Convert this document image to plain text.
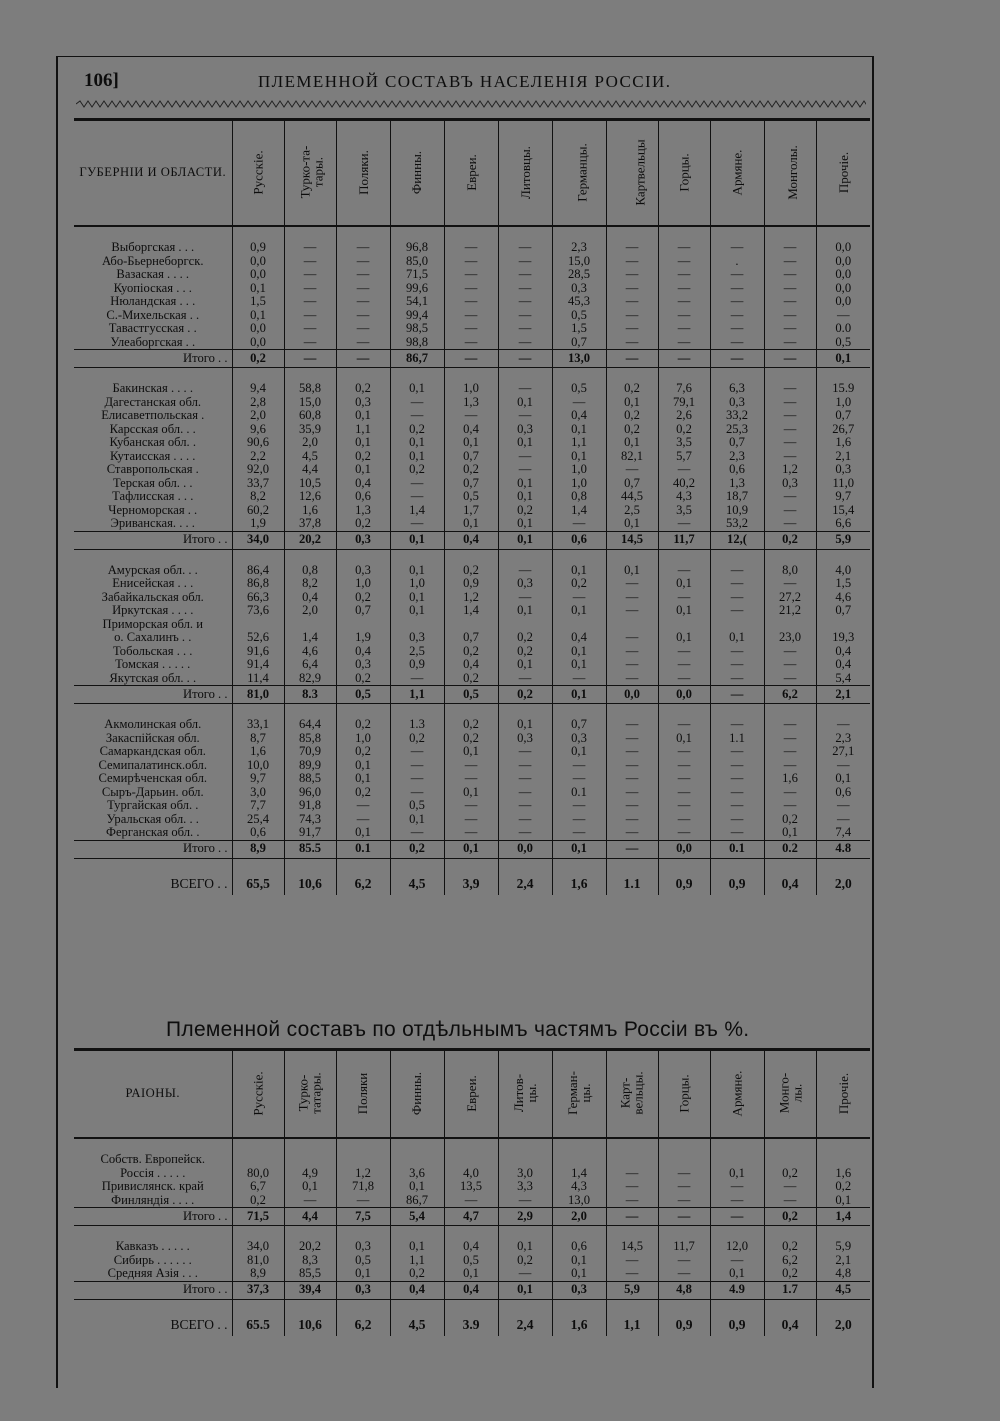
106]	ПЛЕМЕННОЙ СОСТАВЪ НАСЕЛЕНІЯ РОССІИ.
ГУБЕРНІИ И ОБЛАСТИ.	Русскіе.	Турко-та-
тары.	Поляки.	Финны.	Евреи.	Литовцы.	Германцы.	Картвельцы	Горцы.	Армяне.	Монголы.	Прочіе.

Выборгская . . .	0,9	—	—	96,8	—	—	2,3	—	—	—	—	0,0
Або-Бьернеборгск.	0,0	—	—	85,0	—	—	15,0	—	—	.	—	0,0
Вазаская . . . .	0,0	—	—	71,5	—	—	28,5	—	—	—	—	0,0
Куопіоская . . .	0,1	—	—	99,6	—	—	0,3	—	—	—	—	0,0
Нюландская . . .	1,5	—	—	54,1	—	—	45,3	—	—	—	—	0,0
С.-Михельская . .	0,1	—	—	99,4	—	—	0,5	—	—	—	—	—
Тавастгусская . .	0,0	—	—	98,5	—	—	1,5	—	—	—	—	0.0
Улеаборгская . .	0,0	—	—	98,8	—	—	0,7	—	—	—	—	0,5
Итого . .	0,2	—	—	86,7	—	—	13,0	—	—	—	—	0,1

Бакинская . . . .	9,4	58,8	0,2	0,1	1,0	—	0,5	0,2	7,6	6,3	—	15.9
Дагестанская обл.	2,8	15,0	0,3	—	1,3	0,1	—	0,1	79,1	0,3	—	1,0
Елисаветпольская .	2,0	60,8	0,1	—	—	—	0,4	0,2	2,6	33,2	—	0,7
Карсская обл. . .	9,6	35,9	1,1	0,2	0,4	0,3	0,1	0,2	0,2	25,3	—	26,7
Кубанская обл. .	90,6	2,0	0,1	0,1	0,1	0,1	1,1	0,1	3,5	0,7	—	1,6
Кутаисская . . . .	2,2	4,5	0,2	0,1	0,7	—	0,1	82,1	5,7	2,3	—	2,1
Ставропольская .	92,0	4,4	0,1	0,2	0,2	—	1,0	—	—	0,6	1,2	0,3
Терская обл. . .	33,7	10,5	0,4	—	0,7	0,1	1,0	0,7	40,2	1,3	0,3	11,0
Тафлисская . . .	8,2	12,6	0,6	—	0,5	0,1	0,8	44,5	4,3	18,7	—	9,7
Черноморская . .	60,2	1,6	1,3	1,4	1,7	0,2	1,4	2,5	3,5	10,9	—	15,4
Эриванская. . . .	1,9	37,8	0,2	—	0,1	0,1	—	0,1	—	53,2	—	6,6
Итого . .	34,0	20,2	0,3	0,1	0,4	0,1	0,6	14,5	11,7	12,(	0,2	5,9

Амурская обл. . .	86,4	0,8	0,3	0,1	0,2	—	0,1	0,1	—	—	8,0	4,0
Енисейская . . .	86,8	8,2	1,0	1,0	0,9	0,3	0,2	—	0,1	—	—	1,5
Забайкальская обл.	66,3	0,4	0,2	0,1	1,2	—	—	—	—	—	27,2	4,6
Иркутская . . . .	73,6	2,0	0,7	0,1	1,4	0,1	0,1	—	0,1	—	21,2	0,7
Приморская обл. и												
о. Сахалинъ . .	52,6	1,4	1,9	0,3	0,7	0,2	0,4	—	0,1	0,1	23,0	19,3
Тобольская . . .	91,6	4,6	0,4	2,5	0,2	0,2	0,1	—	—	—	—	0,4
Томская . . . . .	91,4	6,4	0,3	0,9	0,4	0,1	0,1	—	—	—	—	0,4
Якутская обл. . .	11,4	82,9	0,2	—	0,2	—	—	—	—	—	—	5,4
Итого . .	81,0	8.3	0,5	1,1	0,5	0,2	0,1	0,0	0,0	—	6,2	2,1

Акмолинская обл.	33,1	64,4	0,2	1.3	0,2	0,1	0,7	—	—	—	—	—
Закаспійская обл.	8,7	85,8	1,0	0,2	0,2	0,3	0,3	—	0,1	1.1	—	2,3
Самаркандская обл.	1,6	70,9	0,2	—	0,1	—	0,1	—	—	—	—	27,1
Семипалатинск.обл.	10,0	89,9	0,1	—	—	—	—	—	—	—	—	—
Семирѣченская обл.	9,7	88,5	0,1	—	—	—	—	—	—	—	1,6	0,1
Сыръ-Дарьин. обл.	3,0	96,0	0,2	—	0,1	—	0.1	—	—	—	—	0,6
Тургайская обл. .	7,7	91,8	—	0,5	—	—	—	—	—	—	—	—
Уральская обл. . .	25,4	74,3	—	0,1	—	—	—	—	—	—	0,2	—
Ферганская обл. .	0,6	91,7	0,1	—	—	—	—	—	—	—	0,1	7,4
Итого . .	8,9	85.5	0.1	0,2	0,1	0,0	0,1	—	0,0	0.1	0.2	4.8

ВСЕГО . .	65,5	10,6	6,2	4,5	3,9	2,4	1,6	1.1	0,9	0,9	0,4	2,0
Племенной составъ по отдѣльнымъ частямъ Россіи въ %.
РАІОНЫ.	Русскіе.	Турко-
татары.	Поляки	Финны.	Евреи.	Литов-
цы.	Герман-
цы.	Карт-
вельцы.	Горцы.	Армяне.	Монго-
лы.	Прочіе.

Собств. Европейск.												
Россія . . . . .	80,0	4,9	1,2	3,6	4,0	3,0	1,4	—	—	0,1	0,2	1,6
Привислянск. край	6,7	0,1	71,8	0,1	13,5	3,3	4,3	—	—	—	—	0,2
Финляндія . . . .	0,2	—	—	86,7	—	—	13,0	—	—	—	—	0,1
Итого . .	71,5	4,4	7,5	5,4	4,7	2,9	2,0	—	—	—	0,2	1,4

Кавказъ . . . . .	34,0	20,2	0,3	0,1	0,4	0,1	0,6	14,5	11,7	12,0	0,2	5,9
Сибирь . . . . . .	81,0	8,3	0,5	1,1	0,5	0,2	0,1	—	—	—	6,2	2,1
Средняя Азія . . .	8,9	85,5	0,1	0,2	0,1	—	0,1	—	—	0,1	0,2	4,8
Итого . .	37,3	39,4	0,3	0,4	0,4	0,1	0,3	5,9	4,8	4.9	1.7	4,5

ВСЕГО . .	65.5	10,6	6,2	4,5	3.9	2,4	1,6	1,1	0,9	0,9	0,4	2,0
